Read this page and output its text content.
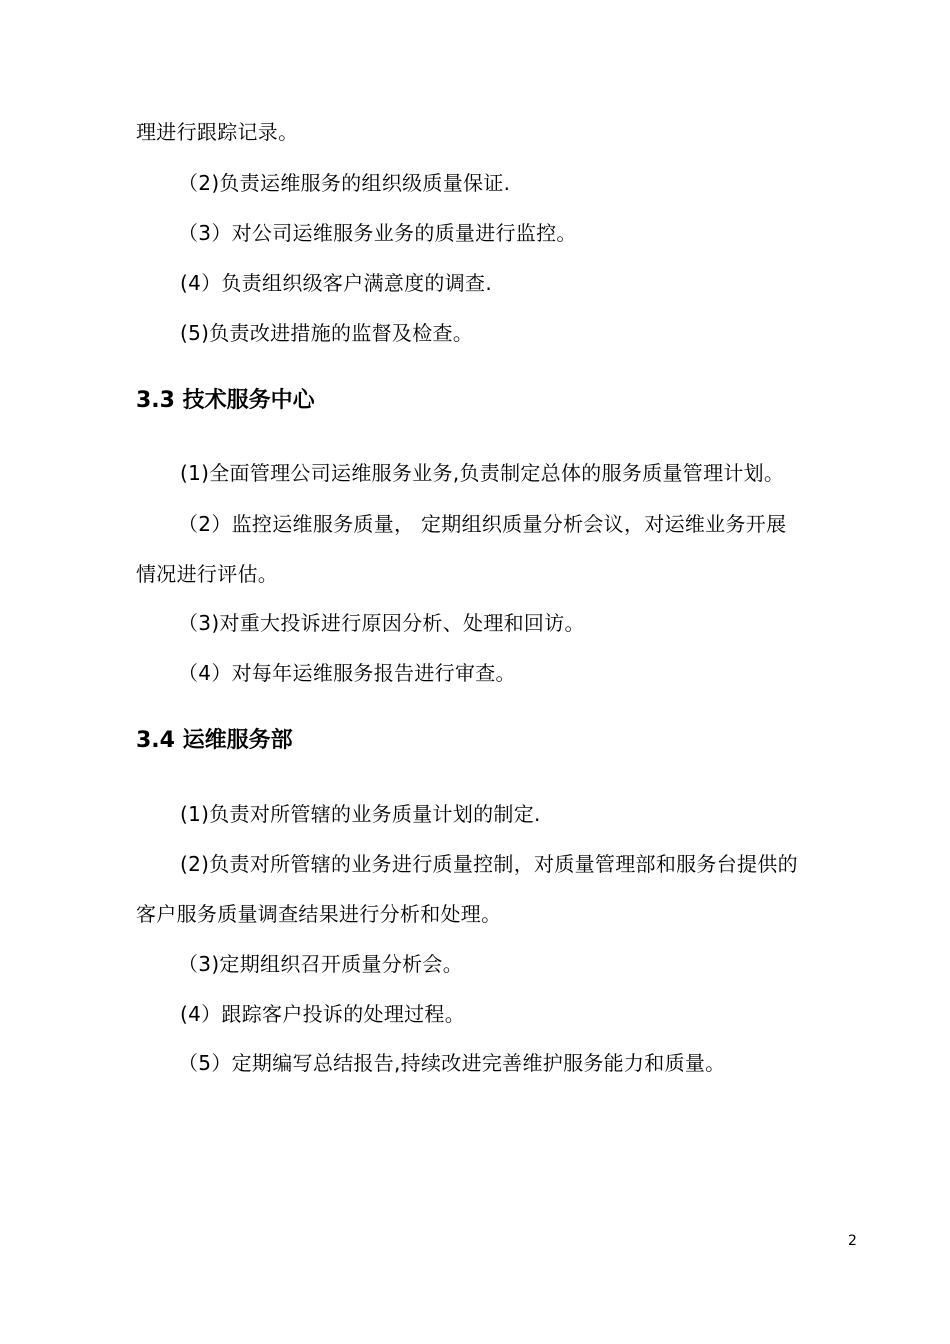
理进行跟踪记录。
（2)负责运维服务的组织级质量保证.
（3）对公司运维服务业务的质量进行监控。
(4）负责组织级客户满意度的调查.
(5)负责改进措施的监督及检查。
3.3 技术服务中心
(1)全面管理公司运维服务业务,负责制定总体的服务质量管理计划。
（2）监控运维服务质量， 定期组织质量分析会议，对运维业务开展
情况进行评估。
（3)对重大投诉进行原因分析、处理和回访。
（4）对每年运维服务报告进行审查。
3.4 运维服务部
(1)负责对所管辖的业务质量计划的制定.
(2)负责对所管辖的业务进行质量控制，对质量管理部和服务台提供的
客户服务质量调查结果进行分析和处理。
（3)定期组织召开质量分析会。
(4）跟踪客户投诉的处理过程。
（5）定期编写总结报告,持续改进完善维护服务能力和质量。
2
